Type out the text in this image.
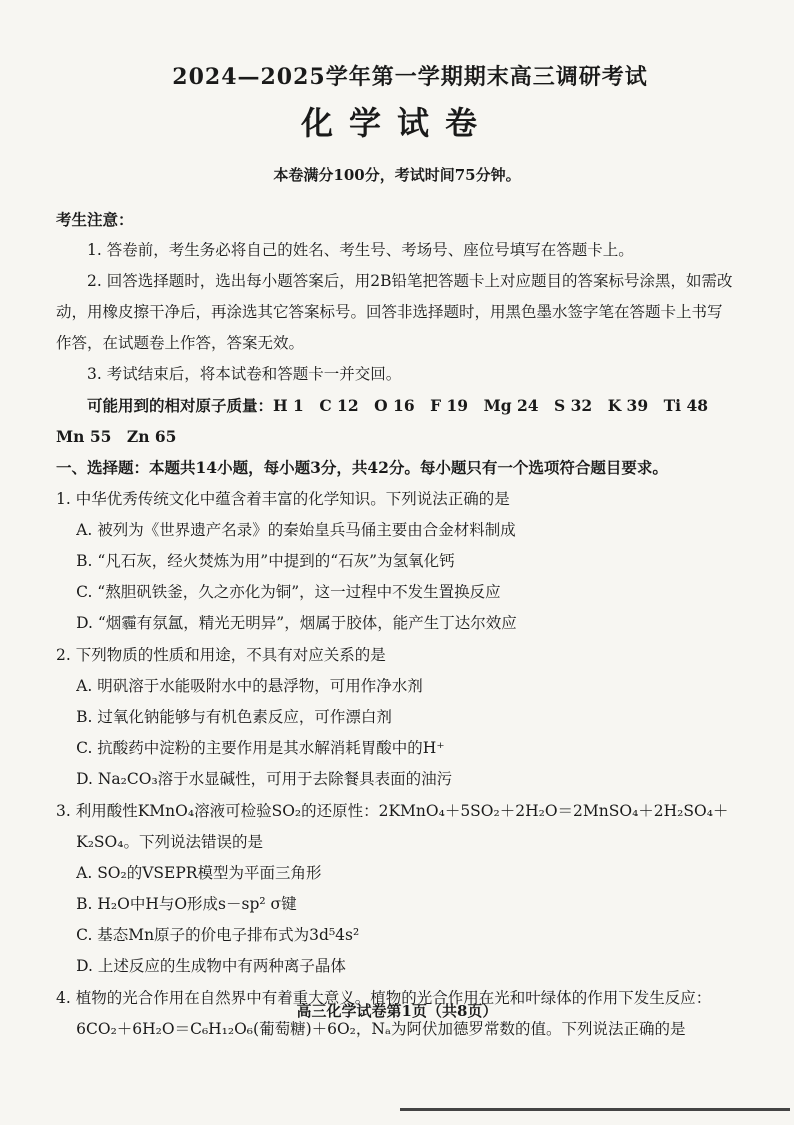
2024—2025学年第一学期期末高三调研考试
化学试卷
本卷满分100分，考试时间75分钟。
考生注意：
1. 答卷前，考生务必将自己的姓名、考生号、考场号、座位号填写在答题卡上。
2. 回答选择题时，选出每小题答案后，用2B铅笔把答题卡上对应题目的答案标号涂黑，如需改动，用橡皮擦干净后，再涂选其它答案标号。回答非选择题时，用黑色墨水签字笔在答题卡上书写作答，在试题卷上作答，答案无效。
3. 考试结束后，将本试卷和答题卡一并交回。
可能用到的相对原子质量：H 1　C 12　O 16　F 19　Mg 24　S 32　K 39　Ti 48　Mn 55　Zn 65
一、选择题：本题共14小题，每小题3分，共42分。每小题只有一个选项符合题目要求。
1. 中华优秀传统文化中蕴含着丰富的化学知识。下列说法正确的是
A. 被列为《世界遗产名录》的秦始皇兵马俑主要由合金材料制成
B. “凡石灰，经火焚炼为用”中提到的“石灰”为氢氧化钙
C. “熬胆矾铁釜，久之亦化为铜”，这一过程中不发生置换反应
D. “烟霾有氛氲，精光无明异”，烟属于胶体，能产生丁达尔效应
2. 下列物质的性质和用途，不具有对应关系的是
A. 明矾溶于水能吸附水中的悬浮物，可用作净水剂
B. 过氧化钠能够与有机色素反应，可作漂白剂
C. 抗酸药中淀粉的主要作用是其水解消耗胃酸中的H⁺
D. Na₂CO₃溶于水显碱性，可用于去除餐具表面的油污
3. 利用酸性KMnO₄溶液可检验SO₂的还原性：2KMnO₄＋5SO₂＋2H₂O＝2MnSO₄＋2H₂SO₄＋K₂SO₄。下列说法错误的是
A. SO₂的VSEPR模型为平面三角形
B. H₂O中H与O形成s－sp² σ键
C. 基态Mn原子的价电子排布式为3d⁵4s²
D. 上述反应的生成物中有两种离子晶体
4. 植物的光合作用在自然界中有着重大意义。植物的光合作用在光和叶绿体的作用下发生反应：6CO₂＋6H₂O＝C₆H₁₂O₆(葡萄糖)＋6O₂，Nₐ为阿伏加德罗常数的值。下列说法正确的是
高三化学试卷第1页（共8页）
